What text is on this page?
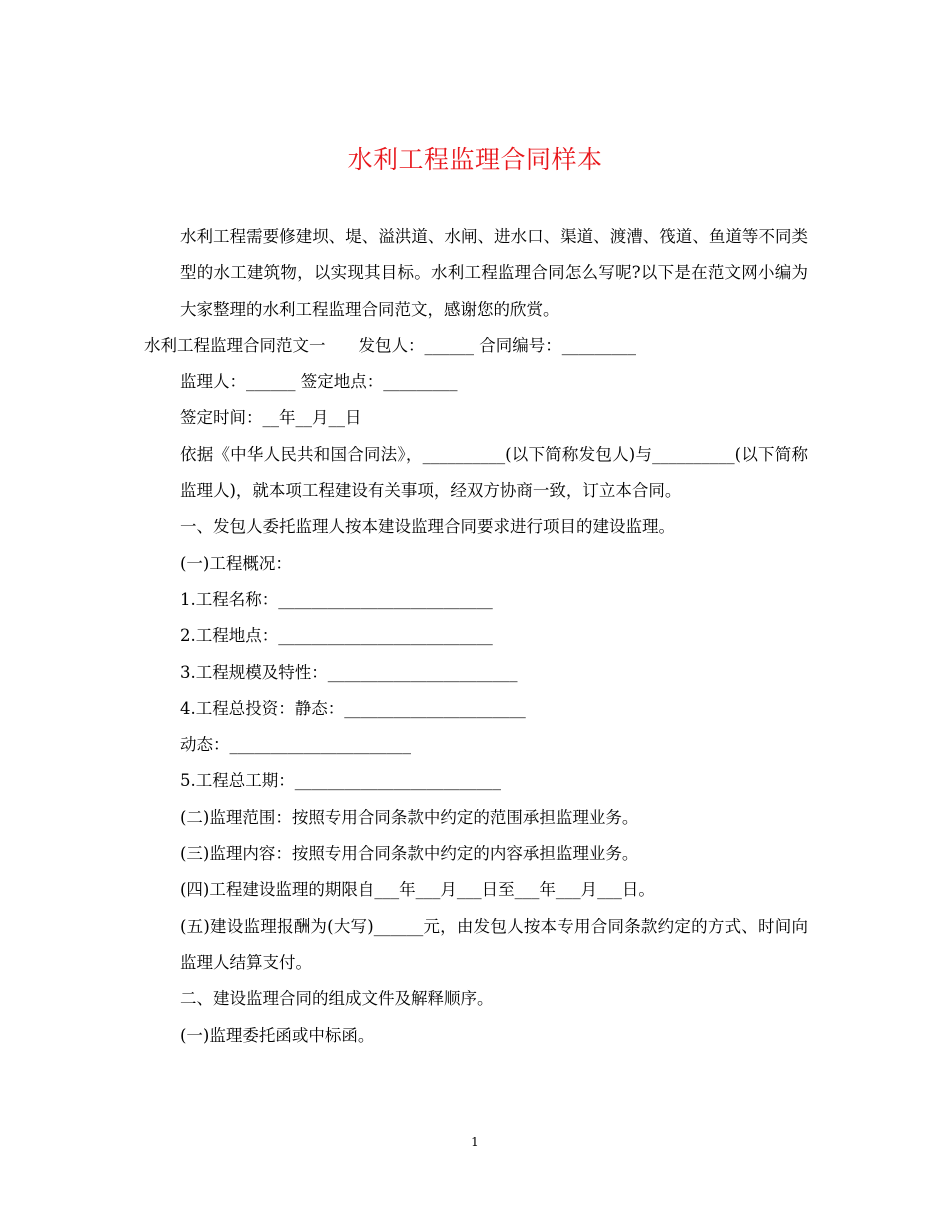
水利工程监理合同样本

水利工程需要修建坝、堤、溢洪道、水闸、进水口、渠道、渡漕、筏道、鱼道等不同类型的水工建筑物，以实现其目标。水利工程监理合同怎么写呢?以下是在范文网小编为大家整理的水利工程监理合同范文，感谢您的欣赏。

水利工程监理合同范文一　　发包人：______ 合同编号：_________

监理人：______ 签定地点：_________

签定时间：__年__月__日

依据《中华人民共和国合同法》，__________(以下简称发包人)与__________(以下简称监理人)，就本项工程建设有关事项，经双方协商一致，订立本合同。

一、发包人委托监理人按本建设监理合同要求进行项目的建设监理。

(一)工程概况：

1.工程名称：__________________________

2.工程地点：__________________________

3.工程规模及特性：_______________________

4.工程总投资：静态：______________________

动态：______________________

5.工程总工期：_________________________

(二)监理范围：按照专用合同条款中约定的范围承担监理业务。

(三)监理内容：按照专用合同条款中约定的内容承担监理业务。

(四)工程建设监理的期限自___年___月___日至___年___月___日。

(五)建设监理报酬为(大写)______元，由发包人按本专用合同条款约定的方式、时间向监理人结算支付。

二、建设监理合同的组成文件及解释顺序。

(一)监理委托函或中标函。

1
